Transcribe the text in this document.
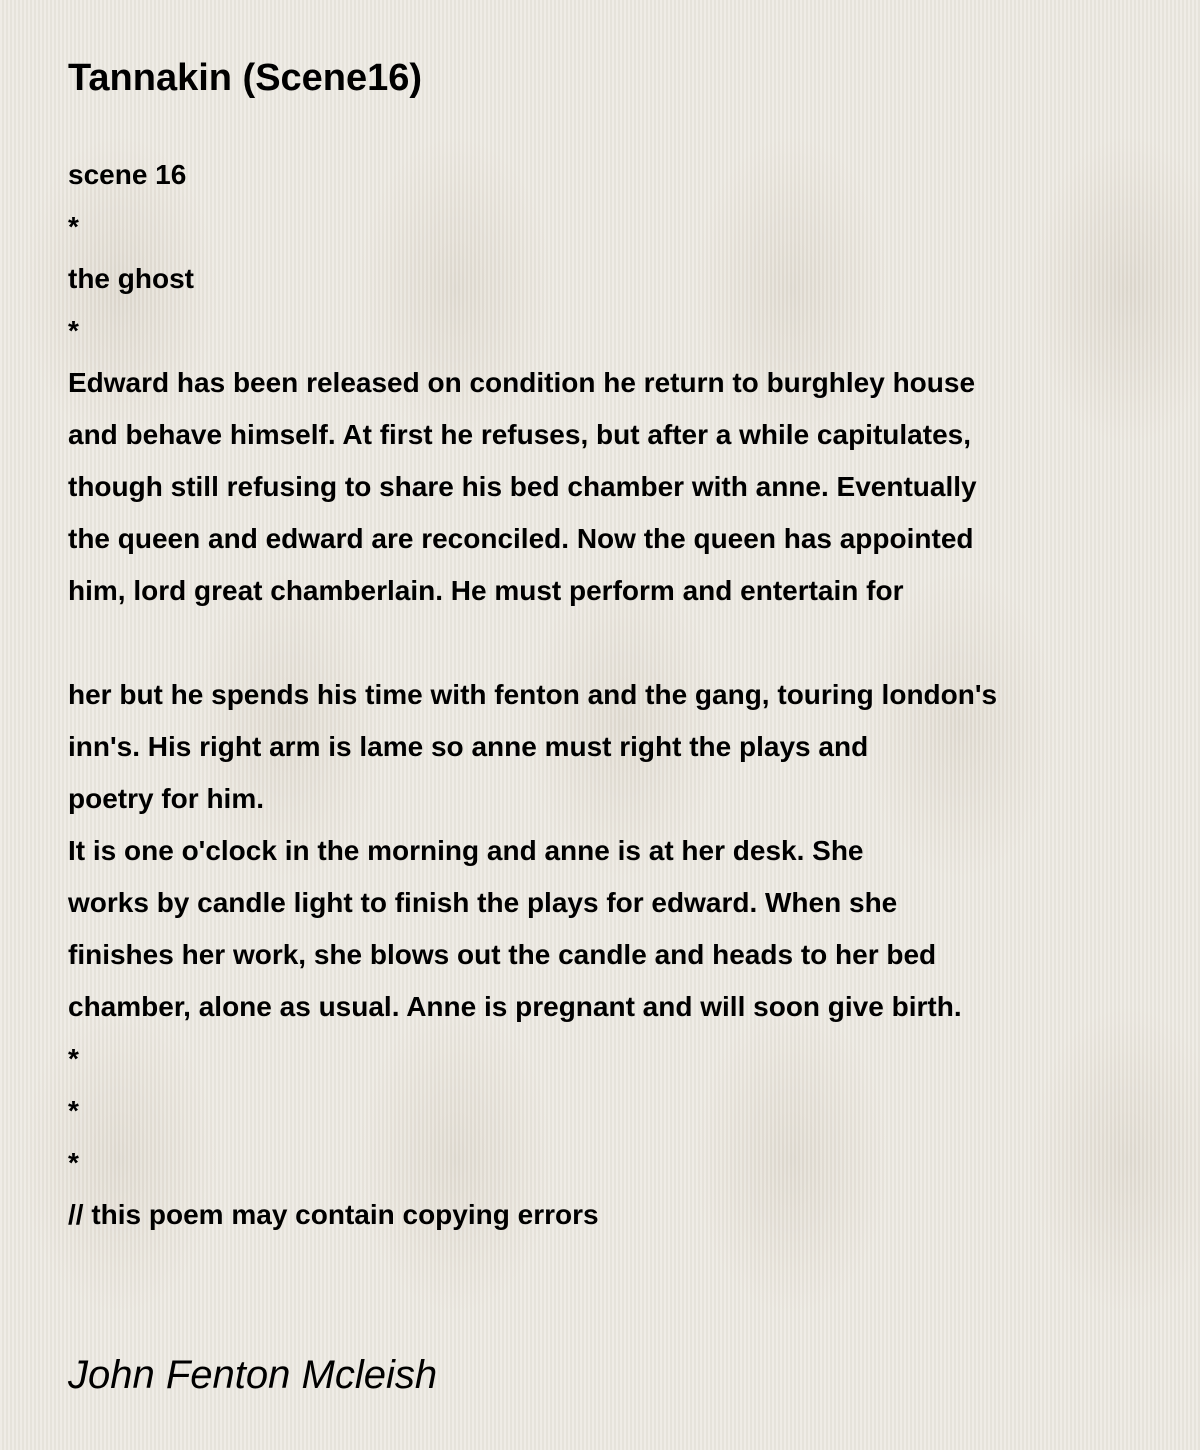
Tannakin (Scene16)
scene 16
*
the ghost
*
Edward has been released on condition he return to burghley house
and behave himself. At first he refuses, but after a while capitulates,
though still refusing to share his bed chamber with anne. Eventually
the queen and edward are reconciled. Now the queen has appointed
him, lord great chamberlain. He must perform and entertain for
her but he spends his time with fenton and the gang, touring london's
inn's. His right arm is lame so anne must right the plays and
poetry for him.
It is one o'clock in the morning and anne is at her desk. She
works by candle light to finish the plays for edward. When she
finishes her work, she blows out the candle and heads to her bed
chamber, alone as usual. Anne is pregnant and will soon give birth.
*
*
*
// this poem may contain copying errors

John Fenton Mcleish
